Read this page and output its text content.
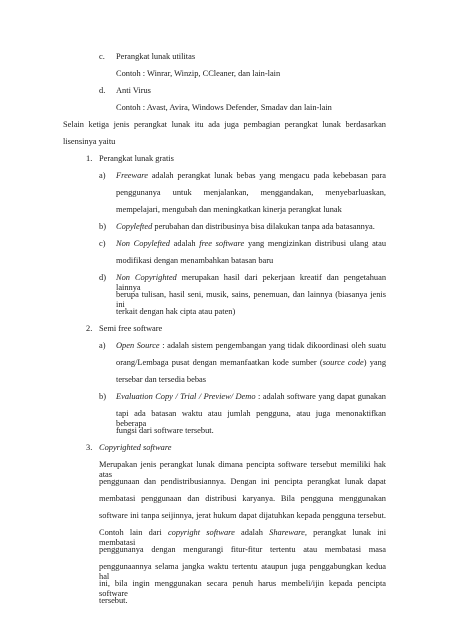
c. Perangkat lunak utilitas
Contoh : Winrar, Winzip, CCleaner, dan lain-lain
d. Anti Virus
Contoh : Avast, Avira, Windows Defender, Smadav dan lain-lain
Selain ketiga jenis perangkat lunak itu ada juga pembagian perangkat lunak berdasarkan
lisensinya yaitu
1. Perangkat lunak gratis
a) Freeware adalah perangkat lunak bebas yang mengacu pada kebebasan para
penggunanya untuk menjalankan, menggandakan, menyebarluaskan,
mempelajari, mengubah dan meningkatkan kinerja perangkat lunak
b) Copylefted perubahan dan distribusinya bisa dilakukan tanpa ada batasannya.
c) Non Copylefted adalah free software yang mengizinkan distribusi ulang atau
modifikasi dengan menambahkan batasan baru
d) Non Copyrighted merupakan hasil dari pekerjaan kreatif dan pengetahuan lainnya
berupa tulisan, hasil seni, musik, sains, penemuan, dan lainnya (biasanya jenis ini
terkait dengan hak cipta atau paten)
2. Semi free software
a) Open Source : adalah sistem pengembangan yang tidak dikoordinasi oleh suatu
orang/Lembaga pusat dengan memanfaatkan kode sumber (source code) yang
tersebar dan tersedia bebas
b) Evaluation Copy / Trial / Preview/ Demo : adalah software yang dapat gunakan
tapi ada batasan waktu atau jumlah pengguna, atau juga menonaktifkan beberapa
fungsi dari software tersebut.
3. Copyrighted software
Merupakan jenis perangkat lunak dimana pencipta software tersebut memiliki hak atas
penggunaan dan pendistribusiannya. Dengan ini pencipta perangkat lunak dapat
membatasi penggunaan dan distribusi karyanya. Bila pengguna menggunakan
software ini tanpa seijinnya, jerat hukum dapat dijatuhkan kepada pengguna tersebut.
Contoh lain dari copyright software adalah Shareware, perangkat lunak ini membatasi
penggunanya dengan mengurangi fitur-fitur tertentu atau membatasi masa
penggunaannya selama jangka waktu tertentu ataupun juga penggabungkan kedua hal
ini, bila ingin menggunakan secara penuh harus membeli/ijin kepada pencipta software
tersebut.
